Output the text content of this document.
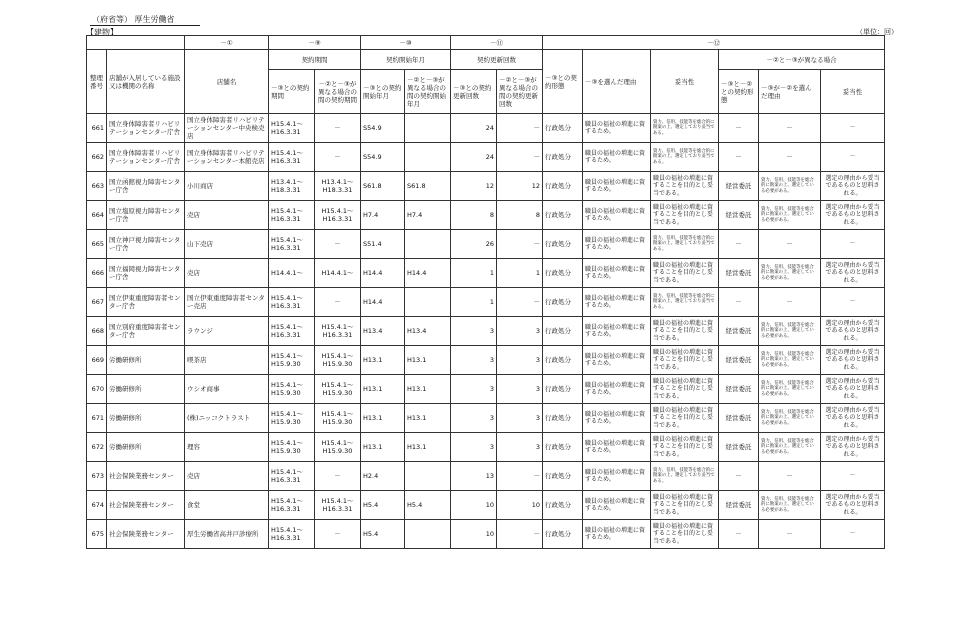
（府省等） 厚生労働省
【建物】	（単位：回）
		－①	－⑨		－⑩		－⑪		－⑫					
整理番号	店舗が入居している施設又は機関の名称	店舗名	契約期間		契約開始年月		契約更新回数		－③との契約形態	－③を選んだ理由	妥当性	－②と－③が異なる場合		
			－③との契約期間	－②と－③が異なる場合の間の契約期間	－③との契約開始年月	－②と－③が異なる場合の間の契約開始年月	－③との契約更新回数	－②と－③が異なる場合の間の契約更新回数				－③と－②との契約形態	－③が－②を選んだ理由	妥当性
661	国立身体障害者リハビリテーションセンター庁舎	国立身体障害者リハビリテーションセンター中央検売店	H15.4.1～H16.3.31	－	S54.9		24	－	行政処分	職員の福祉の増進に資するため。	資力、信用、技能等を総合的に勘案の上、選定しており妥当である。	－	－	－
662	国立身体障害者リハビリテーションセンター庁舎	国立身体障害者リハビリテーションセンター本館売店	H15.4.1～H16.3.31	－	S54.9		24	－	行政処分	職員の福祉の増進に資するため。	資力、信用、技能等を総合的に勘案の上、選定しており妥当である。	－	－	－
663	国立函館視力障害センター庁舎	小川商店	H13.4.1～H18.3.31	H13.4.1～H18.3.31	S61.8	S61.8	12	12	行政処分	職員の福祉の増進に資するため。	職員の福祉の増進に資することを目的とし妥当である。	経営委託	資力、信用、技能等を総合的に勘案の上、選定している必要がある。	選定の理由から妥当であるものと思料される。
664	国立塩原視力障害センター庁舎	売店	H15.4.1～H16.3.31	H15.4.1～H16.3.31	H7.4	H7.4	8	8	行政処分	職員の福祉の増進に資するため。	職員の福祉の増進に資することを目的とし妥当である。	経営委託	資力、信用、技能等を総合的に勘案の上、選定している必要がある。	選定の理由から妥当であるものと思料される。
665	国立神戸視力障害センター庁舎	山下売店	H15.4.1～H16.3.31	－	S51.4		26	－	行政処分	職員の福祉の増進に資するため。	資力、信用、技能等を総合的に勘案の上、選定しており妥当である。	－	－	－
666	国立福岡視力障害センター庁舎	売店	H14.4.1～	H14.4.1～	H14.4	H14.4	1	1	行政処分	職員の福祉の増進に資するため。	職員の福祉の増進に資することを目的とし妥当である。	経営委託	資力、信用、技能等を総合的に勘案の上、選定している必要がある。	選定の理由から妥当であるものと思料される。
667	国立伊東重度障害者センター庁舎	国立伊東重度障害者センター売店	H15.4.1～H16.3.31	－	H14.4		1	－	行政処分	職員の福祉の増進に資するため。	資力、信用、技能等を総合的に勘案の上、選定しており妥当である。	－	－	－
668	国立別府重度障害者センター庁舎	ラウンジ	H15.4.1～H16.3.31	H15.4.1～H16.3.31	H13.4	H13.4	3	3	行政処分	職員の福祉の増進に資するため。	職員の福祉の増進に資することを目的とし妥当である。	経営委託	資力、信用、技能等を総合的に勘案の上、選定している必要がある。	選定の理由から妥当であるものと思料される。
669	労働研修所	喫茶店	H15.4.1～H15.9.30	H15.4.1～H15.9.30	H13.1	H13.1	3	3	行政処分	職員の福祉の増進に資するため。	職員の福祉の増進に資することを目的とし妥当である。	経営委託	資力、信用、技能等を総合的に勘案の上、選定している必要がある。	選定の理由から妥当であるものと思料される。
670	労働研修所	ウシオ商事	H15.4.1～H15.9.30	H15.4.1～H15.9.30	H13.1	H13.1	3	3	行政処分	職員の福祉の増進に資するため。	職員の福祉の増進に資することを目的とし妥当である。	経営委託	資力、信用、技能等を総合的に勘案の上、選定している必要がある。	選定の理由から妥当であるものと思料される。
671	労働研修所	(株)ニッコクトラスト	H15.4.1～H15.9.30	H15.4.1～H15.9.30	H13.1	H13.1	3	3	行政処分	職員の福祉の増進に資するため。	職員の福祉の増進に資することを目的とし妥当である。	経営委託	資力、信用、技能等を総合的に勘案の上、選定している必要がある。	選定の理由から妥当であるものと思料される。
672	労働研修所	理容	H15.4.1～H15.9.30	H15.4.1～H15.9.30	H13.1	H13.1	3	3	行政処分	職員の福祉の増進に資するため。	職員の福祉の増進に資することを目的とし妥当である。	経営委託	資力、信用、技能等を総合的に勘案の上、選定している必要がある。	選定の理由から妥当であるものと思料される。
673	社会保険業務センター	売店	H15.4.1～H16.3.31	－	H2.4		13	－	行政処分	職員の福祉の増進に資するため。	資力、信用、技能等を総合的に勘案の上、選定しており妥当である。	－	－	－
674	社会保険業務センター	食堂	H15.4.1～H16.3.31	H15.4.1～H16.3.31	H5.4	H5.4	10	10	行政処分	職員の福祉の増進に資するため。	職員の福祉の増進に資することを目的とし妥当である。	経営委託	資力、信用、技能等を総合的に勘案の上、選定している必要がある。	選定の理由から妥当であるものと思料される。
675	社会保険業務センター	厚生労働省高井戸診療所	H15.4.1～H16.3.31	－	H5.4		10	－	行政処分	職員の福祉の増進に資するため。	職員の福祉の増進に資することを目的とし妥当である。	－	－	－
